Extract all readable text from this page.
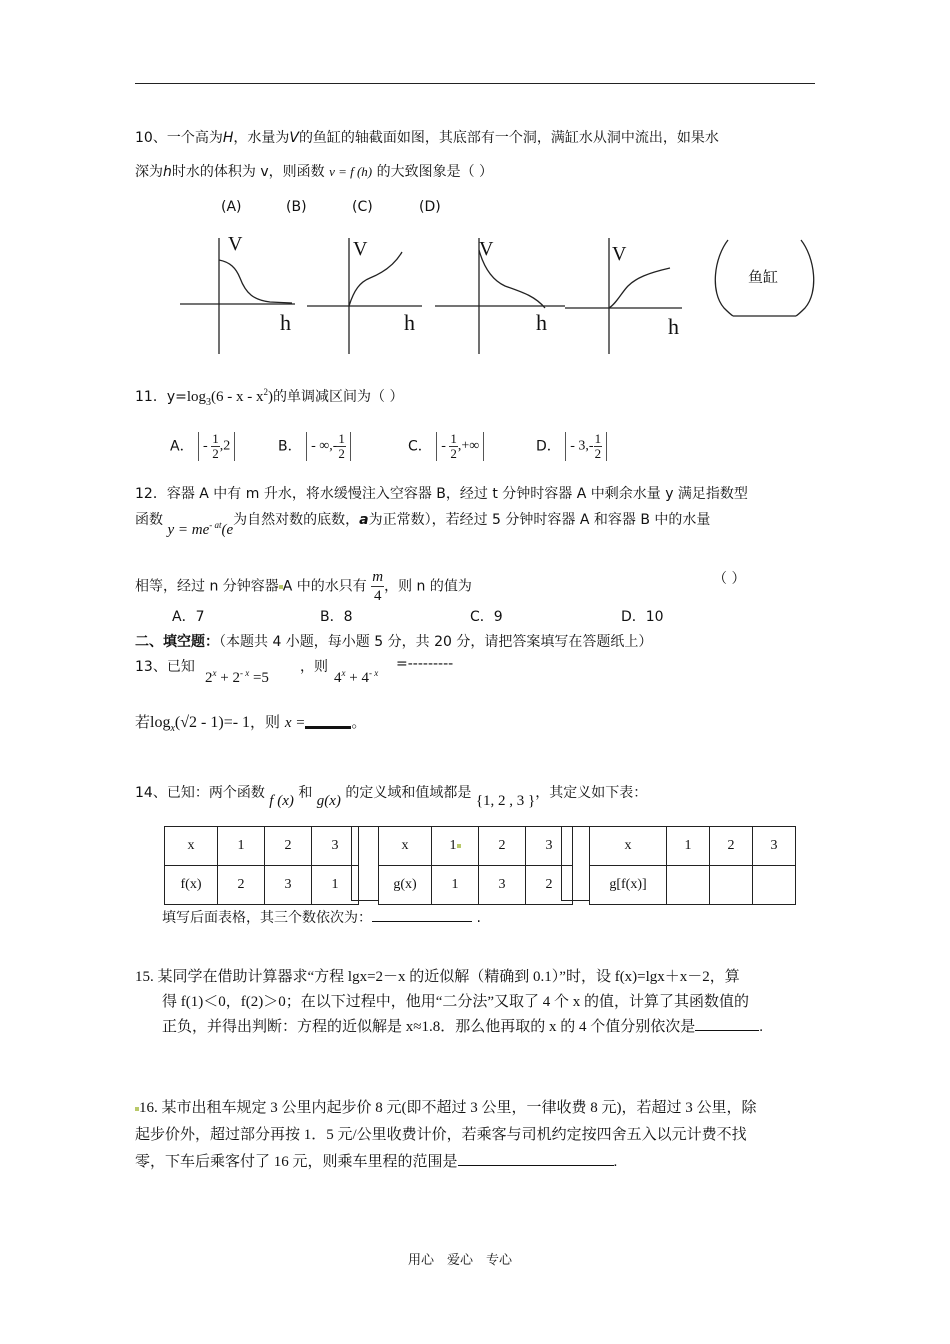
10、一个高为H，水量为V的鱼缸的轴截面如图，其底部有一个洞，满缸水从洞中流出，如果水
深为h时水的体积为 v，则函数 v = f (h) 的大致图象是（ ）
(A)	(B)	(C)	(D)
V
h
V
h
V
h
V
h
鱼缸
11．$y=\log_3(6 - x - x^2)$的单调减区间为（ ）
A． - $\frac{1}{2} ,2$	B． - ∞,- $\frac{1}{2}$	C． - $\frac{1}{2}$ ,+∞	D． - $3,- \frac{1}{2}$
12．容器 A 中有 m 升水，将水缓慢注入空容器 B，经过 t 分钟时容器 A 中剩余水量 y 满足指数型
函数 $y = me^{- at}(e$为自然对数的底数，a为正常数），若经过 5 分钟时容器 A 和容器 B 中的水量
相等，经过 n 分钟容器 A 中的水只有 $\frac{m}{4}$ ，则 n 的值为	（ ）
A．7	B．8	C．9	D．10
二、填空题：（本题共 4 小题，每小题 5 分，共 20 分，请把答案填写在答题纸上）
13、已知
$2^x + 2^{- x} =5$
，则
$4^x + 4^{- x}$
=---------
若$\log_x(√2 - 1)=-$ 1，则 x =	。
14、已知：两个函数 f (x) 和 g(x) 的定义域和值域都是 {1, 2 , 3 }，其定义如下表：
x	1	2	3
f(x)	2	3	1
x	1	2	3
g(x)	1	3	2
x	1	2	3
g[f(x)]			
填写后面表格，其三个数依次为：	.
15. 某同学在借助计算器求“方程 lgx=2－x 的近似解（精确到 0.1）”时，设 f(x)=lgx＋x－2，算
得 f(1)＜0，f(2)＞0；在以下过程中，他用“二分法”又取了 4 个 x 的值，计算了其函数值的
正负，并得出判断：方程的近似解是 x≈1.8．那么他再取的 x 的 4 个值分别依次是	.
16. 某市出租车规定 3 公里内起步价 8 元(即不超过 3 公里，一律收费 8 元)，若超过 3 公里，除
起步价外，超过部分再按 1．5 元/公里收费计价，若乘客与司机约定按四舍五入以元计费不找
零，下车后乘客付了 16 元，则乘车里程的范围是	.
用心    爱心    专心
